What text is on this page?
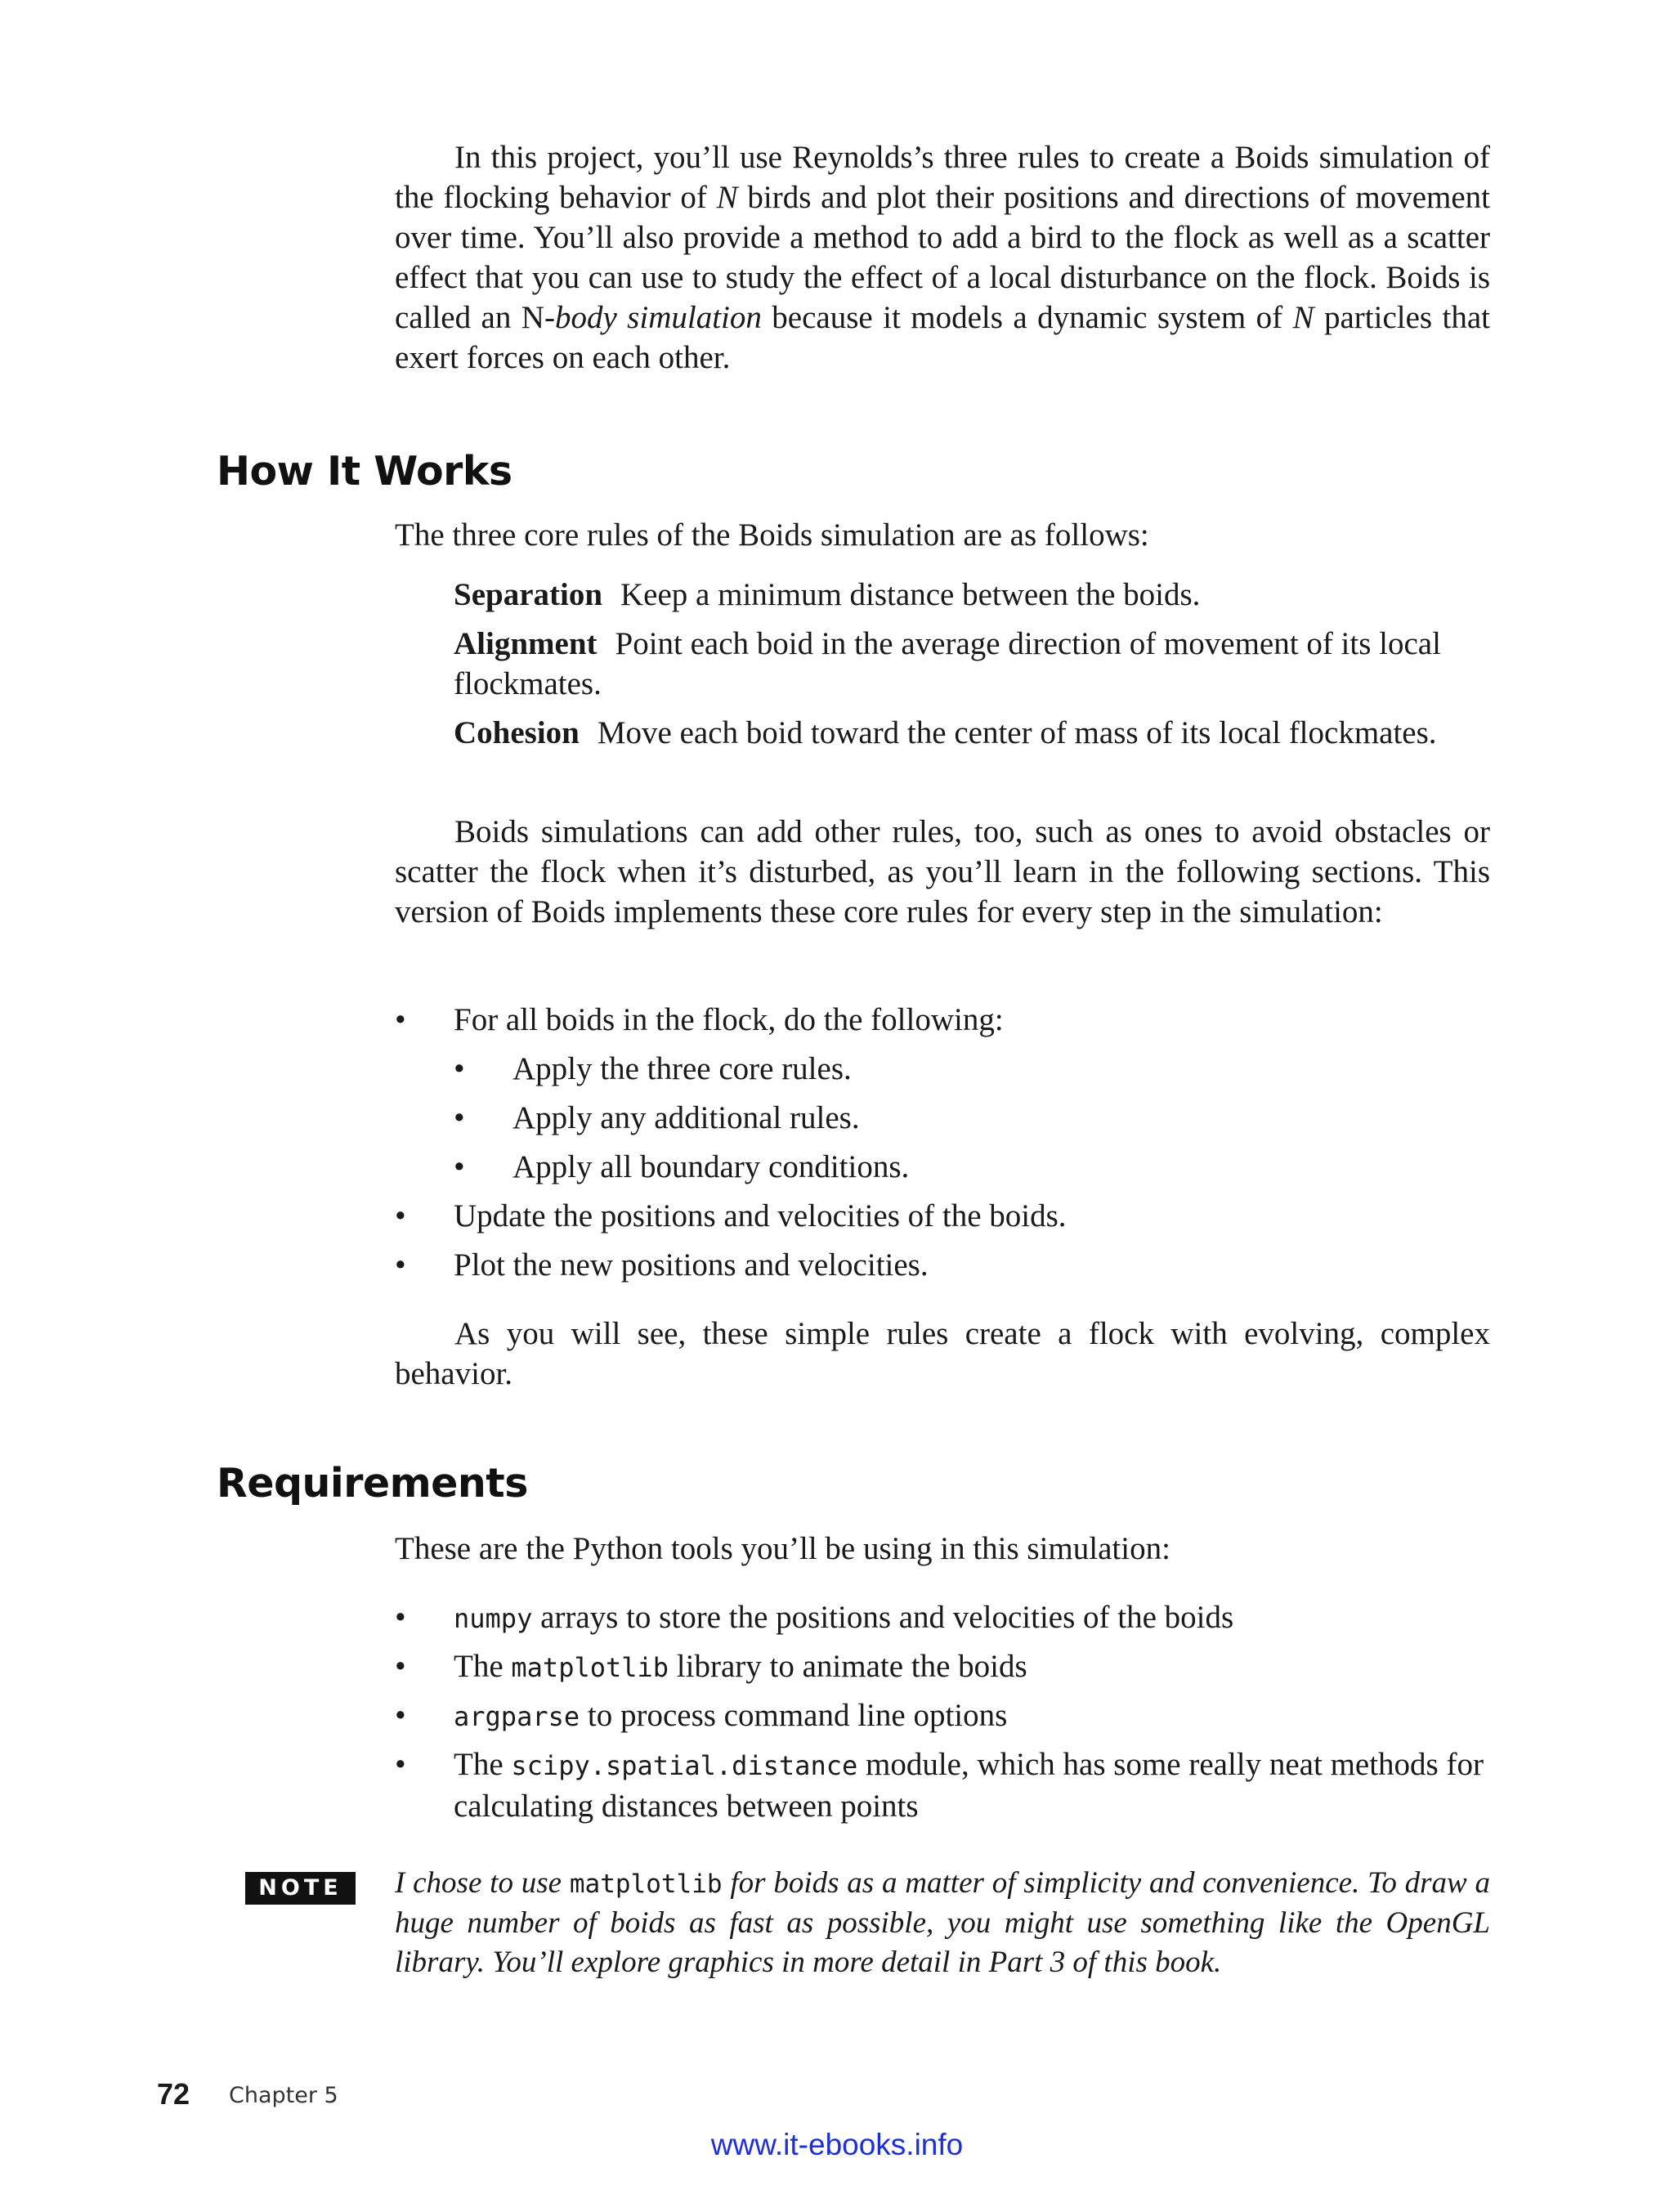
In this project, you’ll use Reynolds’s three rules to create a Boids simulation of the flocking behavior of N birds and plot their positions and directions of movement over time. You’ll also provide a method to add a bird to the flock as well as a scatter effect that you can use to study the effect of a local disturbance on the flock. Boids is called an N-body simulation because it models a dynamic system of N particles that exert forces on each other.

How It Works

The three core rules of the Boids simulation are as follows:

Separation Keep a minimum distance between the boids.
Alignment Point each boid in the average direction of movement of its local flockmates.
Cohesion Move each boid toward the center of mass of its local flockmates.

Boids simulations can add other rules, too, such as ones to avoid obstacles or scatter the flock when it’s disturbed, as you’ll learn in the following sections. This version of Boids implements these core rules for every step in the simulation:

•	For all boids in the flock, do the following:
•	Apply the three core rules.
•	Apply any additional rules.
•	Apply all boundary conditions.
•	Update the positions and velocities of the boids.
•	Plot the new positions and velocities.

As you will see, these simple rules create a flock with evolving, complex behavior.

Requirements

These are the Python tools you’ll be using in this simulation:

•	numpy arrays to store the positions and velocities of the boids
•	The matplotlib library to animate the boids
•	argparse to process command line options
•	The scipy.spatial.distance module, which has some really neat methods for calculating distances between points
NOTE	I chose to use matplotlib for boids as a matter of simplicity and convenience. To draw a huge number of boids as fast as possible, you might use something like the OpenGL library. You’ll explore graphics in more detail in Part 3 of this book.
72 Chapter 5
www.it-ebooks.info
